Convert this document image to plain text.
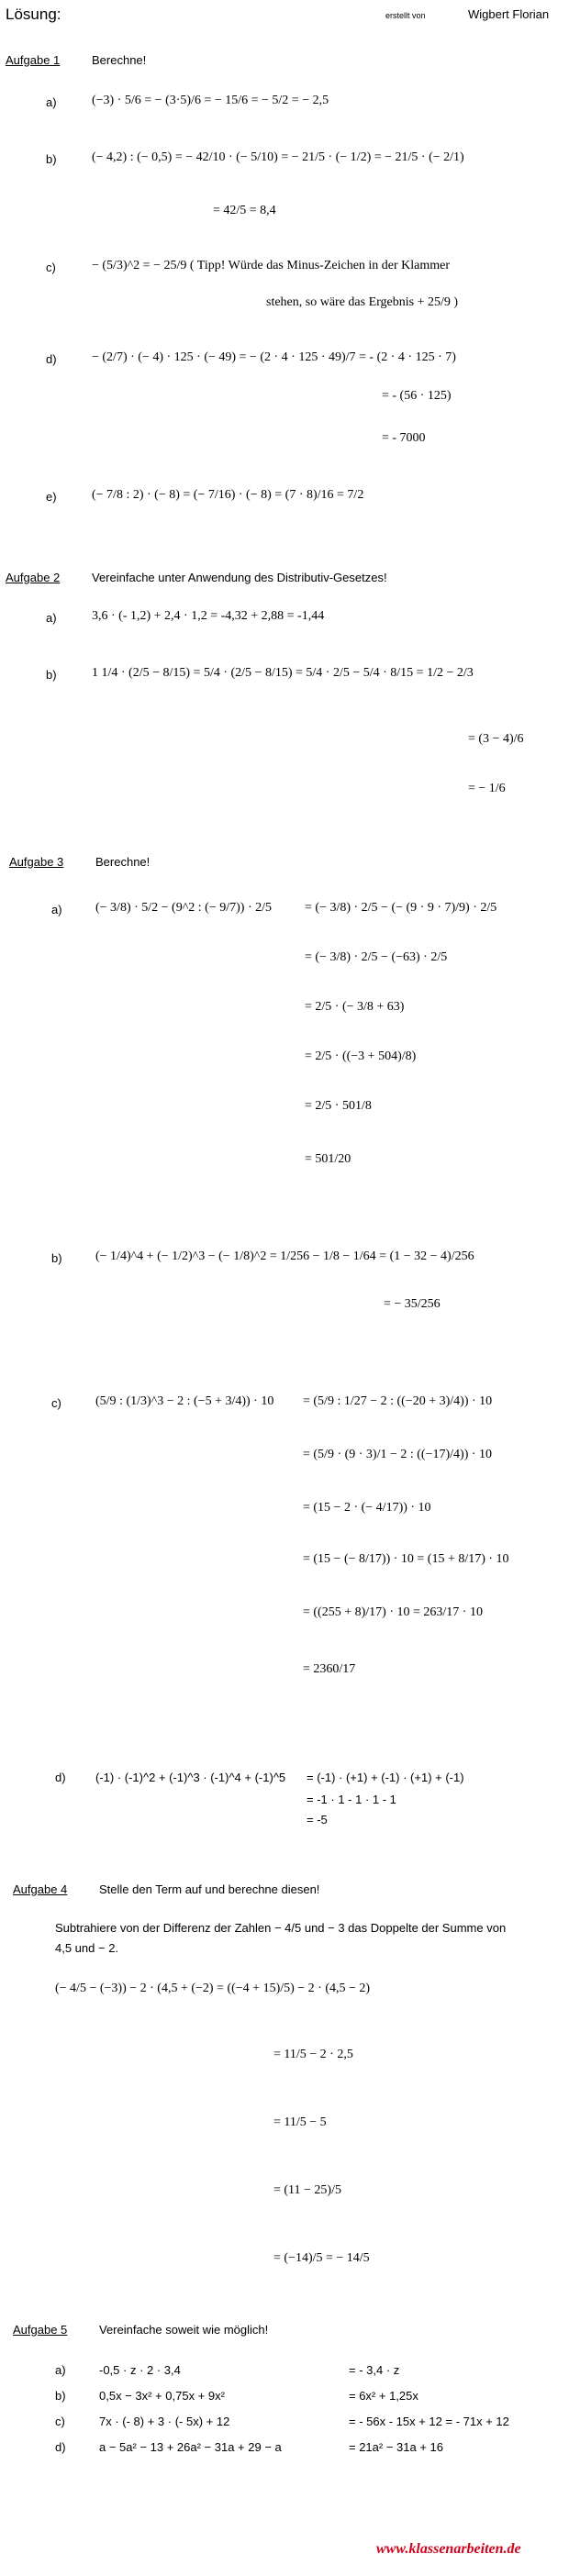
Lösung:	erstellt von	Wigbert Florian
Aufgabe 1	Berechne!
a)	(−3) · 5/6 = − (3·5)/6 = − 15/6 = − 5/2 = − 2,5
b)	(− 4,2) : (− 0,5) = − 42/10 · (− 5/10) = − 21/5 · (− 1/2) = − 21/5 · (− 2/1)
= 42/5 = 8,4
c)	− (5/3)^2 = − 25/9 ( Tipp! Würde das Minus-Zeichen in der Klammer
stehen, so wäre das Ergebnis + 25/9 )
d)	− (2/7) · (− 4) · 125 · (− 49) = − (2 · 4 · 125 · 49)/7 = - (2 · 4 · 125 · 7)
= - (56 · 125)
= - 7000
e)	(− 7/8 : 2) · (− 8) = (− 7/16) · (− 8) = (7 · 8)/16 = 7/2
Aufgabe 2	Vereinfache unter Anwendung des Distributiv-Gesetzes!
a)	3,6 · (- 1,2) + 2,4 · 1,2 = -4,32 + 2,88 = -1,44
b)	1 1/4 · (2/5 − 8/15) = 5/4 · (2/5 − 8/15) = 5/4 · 2/5 − 5/4 · 8/15 = 1/2 − 2/3
= (3 − 4)/6
= − 1/6
Aufgabe 3	Berechne!
a)	(− 3/8) · 5/2 − (9^2 : (− 9/7)) · 2/5	= (− 3/8) · 2/5 − (− (9 · 9 · 7)/9) · 2/5
= (− 3/8) · 2/5 − (−63) · 2/5
= 2/5 · (− 3/8 + 63)
= 2/5 · ((−3 + 504)/8)
= 2/5 · 501/8
= 501/20
b)	(− 1/4)^4 + (− 1/2)^3 − (− 1/8)^2 = 1/256 − 1/8 − 1/64 = (1 − 32 − 4)/256
= − 35/256
c)	(5/9 : (1/3)^3 − 2 : (−5 + 3/4)) · 10 = (5/9 : 1/27 − 2 : ((−20 + 3)/4)) · 10
= (5/9 · (9 · 3)/1 − 2 : ((−17)/4)) · 10
= (15 − 2 · (− 4/17)) · 10
= (15 − (− 8/17)) · 10 = (15 + 8/17) · 10
= ((255 + 8)/17) · 10 = 263/17 · 10
= 2360/17
d) (-1) · (-1)^2 + (-1)^3 · (-1)^4 + (-1)^5 = (-1) · (+1) + (-1) · (+1) + (-1)
= -1 · 1 - 1 · 1 - 1
= -5
Aufgabe 4	Stelle den Term auf und berechne diesen!
Subtrahiere von der Differenz der Zahlen − 4/5 und − 3 das Doppelte der Summe von
4,5 und − 2.
(− 4/5 − (−3)) − 2 · (4,5 + (−2) = ((−4 + 15)/5) − 2 · (4,5 − 2)
= 11/5 − 2 · 2,5
= 11/5 − 5
= (11 − 25)/5
= (−14)/5 = − 14/5
Aufgabe 5	Vereinfache soweit wie möglich!
a)	-0,5 · z · 2 · 3,4	= - 3,4 · z
b)	0,5x − 3x² + 0,75x + 9x²	= 6x² + 1,25x
c)	7x · (- 8) + 3 · (- 5x) + 12	= - 56x - 15x + 12 = - 71x + 12
d)	a − 5a² − 13 + 26a² − 31a + 29 − a	= 21a² − 31a + 16
www.klassenarbeiten.de
